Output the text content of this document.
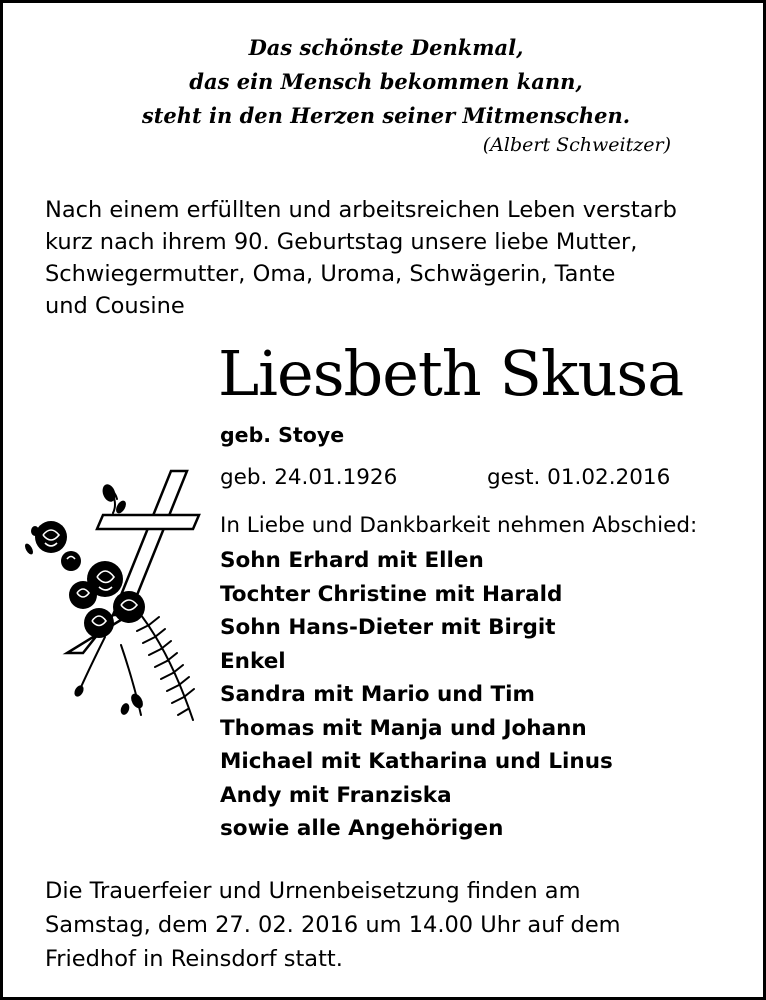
Das schönste Denkmal,
das ein Mensch bekommen kann,
steht in den Herzen seiner Mitmenschen.
(Albert Schweitzer)
Nach einem erfüllten und arbeitsreichen Leben verstarb
kurz nach ihrem 90. Geburtstag unsere liebe Mutter,
Schwiegermutter, Oma, Uroma, Schwägerin, Tante
und Cousine
Liesbeth Skusa
geb. Stoye
geb. 24.01.1926	gest. 01.02.2016
In Liebe und Dankbarkeit nehmen Abschied:
Sohn Erhard mit Ellen
Tochter Christine mit Harald
Sohn Hans-Dieter mit Birgit
Enkel
Sandra mit Mario und Tim
Thomas mit Manja und Johann
Michael mit Katharina und Linus
Andy mit Franziska
sowie alle Angehörigen
Die Trauerfeier und Urnenbeisetzung finden am
Samstag, dem 27. 02. 2016 um 14.00 Uhr auf dem
Friedhof in Reinsdorf statt.
